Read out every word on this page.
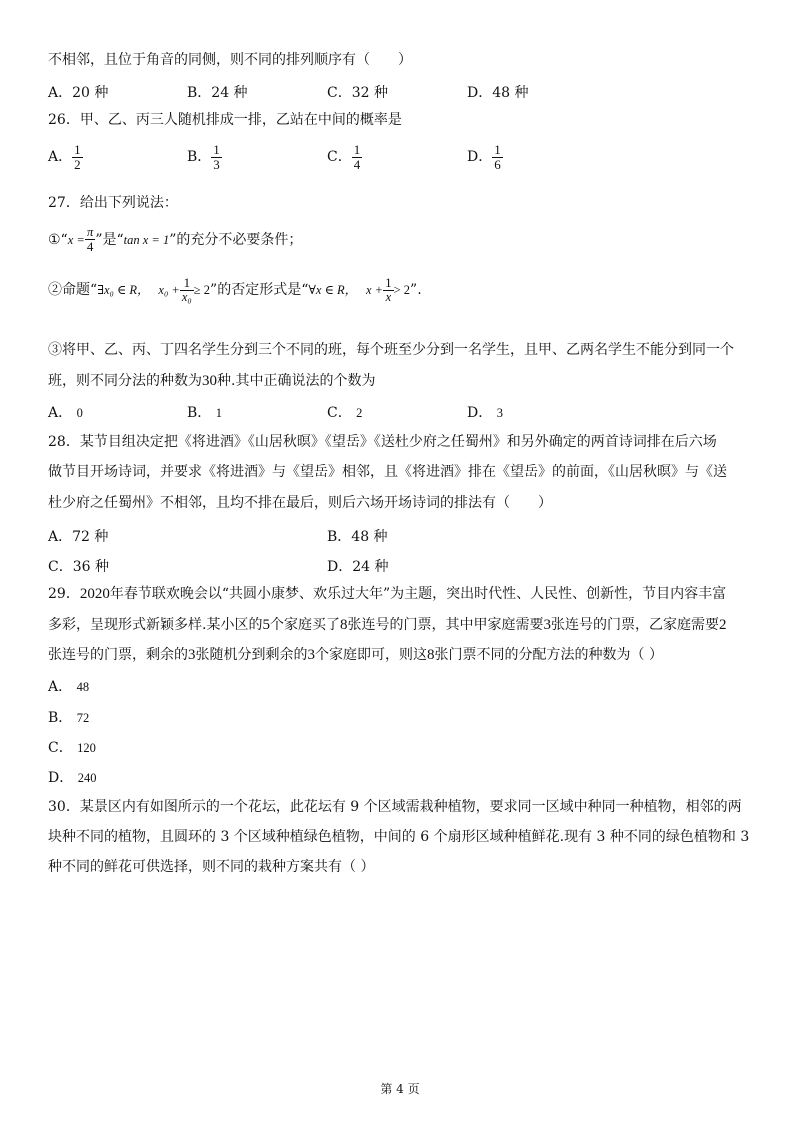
不相邻，且位于角音的同侧，则不同的排列顺序有（　　）
A．20 种	B．24 种	C．32 种	D．48 种
26．甲、乙、丙三人随机排成一排，乙站在中间的概率是
A． $\frac{1}{2}$	B． $\frac{1}{3}$	C． $\frac{1}{4}$	D． $\frac{1}{6}$
27．给出下列说法：
①“x = $\frac{\pi}{4}$ ”是“tan x = 1”的充分不必要条件；
②命题“∃x₀ ∈ R， $x_0 + \frac{1}{\text{x₀}} \ge 2$”的否定形式是“∀x ∈ R， $x + \frac{1}{x} > 2$”.
③将甲、乙、丙、丁四名学生分到三个不同的班，每个班至少分到一名学生，且甲、乙两名学生不能分到同一个
班，则不同分法的种数为30种.其中正确说法的个数为
A． 0	B． 1	C． 2	D． 3
28．某节目组决定把《将进酒》《山居秋暝》《望岳》《送杜少府之任蜀州》和另外确定的两首诗词排在后六场
做节目开场诗词，并要求《将进酒》与《望岳》相邻，且《将进酒》排在《望岳》的前面，《山居秋暝》与《送
杜少府之任蜀州》不相邻，且均不排在最后，则后六场开场诗词的排法有（　　）
A．72 种	B．48 种
C．36 种	D．24 种
29．2020年春节联欢晚会以“共圆小康梦、欢乐过大年”为主题，突出时代性、人民性、创新性，节目内容丰富
多彩，呈现形式新颖多样.某小区的5个家庭买了8张连号的门票，其中甲家庭需要3张连号的门票，乙家庭需要2
张连号的门票，剩余的3张随机分到剩余的3个家庭即可，则这8张门票不同的分配方法的种数为（ ）
A． 48
B． 72
C． 120
D． 240
30．某景区内有如图所示的一个花坛，此花坛有 9 个区域需栽种植物，要求同一区域中种同一种植物，相邻的两
块种不同的植物，且圆环的 3 个区域种植绿色植物，中间的 6 个扇形区域种植鲜花.现有 3 种不同的绿色植物和 3
种不同的鲜花可供选择，则不同的栽种方案共有（ ）
第 4 页
